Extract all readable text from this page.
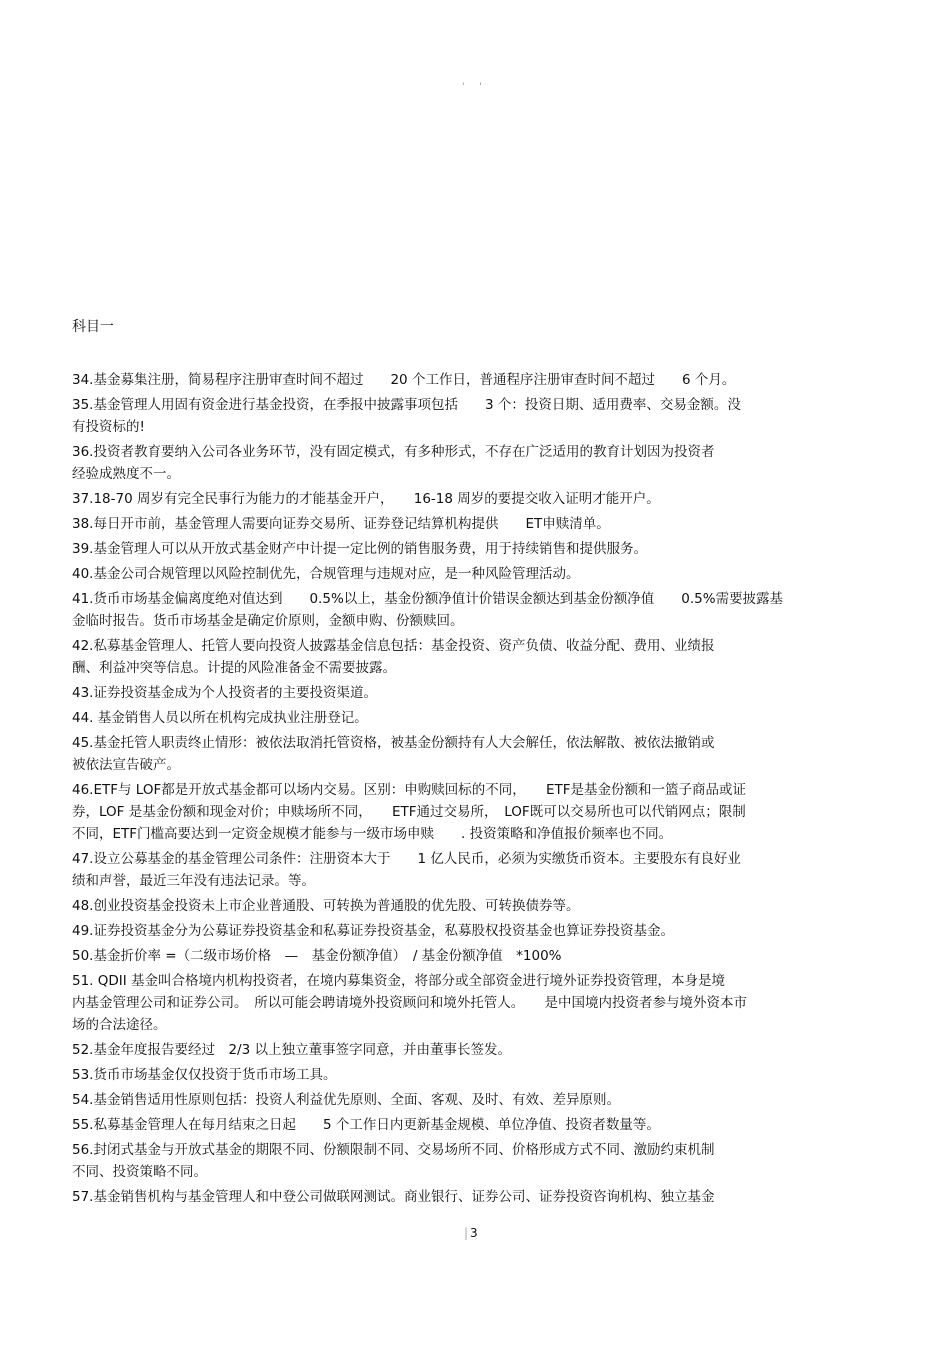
' '
科目一
34.基金募集注册，简易程序注册审查时间不超过　　20 个工作日，普通程序注册审查时间不超过　　6 个月。
35.基金管理人用固有资金进行基金投资，在季报中披露事项包括　　3 个：投资日期、适用费率、交易金额。没
有投资标的!
36.投资者教育要纳入公司各业务环节，没有固定模式，有多种形式，不存在广泛适用的教育计划因为投资者
经验成熟度不一。
37.18-70 周岁有完全民事行为能力的才能基金开户，　　16-18 周岁的要提交收入证明才能开户。
38.每日开市前，基金管理人需要向证券交易所、证券登记结算机构提供　　ET申赎清单。
39.基金管理人可以从开放式基金财产中计提一定比例的销售服务费，用于持续销售和提供服务。
40.基金公司合规管理以风险控制优先，合规管理与违规对应，是一种风险管理活动。
41.货币市场基金偏离度绝对值达到　　0.5%以上，基金份额净值计价错误金额达到基金份额净值　　0.5%需要披露基
金临时报告。货币市场基金是确定价原则，金额申购、份额赎回。
42.私募基金管理人、托管人要向投资人披露基金信息包括：基金投资、资产负债、收益分配、费用、业绩报
酬、利益冲突等信息。计提的风险准备金不需要披露。
43.证券投资基金成为个人投资者的主要投资渠道。
44. 基金销售人员以所在机构完成执业注册登记。
45.基金托管人职责终止情形：被依法取消托管资格，被基金份额持有人大会解任，依法解散、被依法撤销或
被依法宣告破产。
46.ETF与 LOF都是开放式基金都可以场内交易。区别：申购赎回标的不同，　　ETF是基金份额和一篮子商品或证
券，LOF 是基金份额和现金对价；申赎场所不同，　　ETF通过交易所，　LOF既可以交易所也可以代销网点；限制
不同，ETF门槛高要达到一定资金规模才能参与一级市场申赎　　. 投资策略和净值报价频率也不同。
47.设立公募基金的基金管理公司条件：注册资本大于　　1 亿人民币，必须为实缴货币资本。主要股东有良好业
绩和声誉，最近三年没有违法记录。等。
48.创业投资基金投资未上市企业普通股、可转换为普通股的优先股、可转换债券等。
49.证券投资基金分为公募证券投资基金和私募证券投资基金，私募股权投资基金也算证券投资基金。
50.基金折价率 =（二级市场价格　—　基金份额净值）　/ 基金份额净值　*100%
51. QDII 基金叫合格境内机构投资者，在境内募集资金，将部分或全部资金进行境外证券投资管理，本身是境
内基金管理公司和证券公司。　所以可能会聘请境外投资顾问和境外托管人。　　是中国境内投资者参与境外资本市
场的合法途径。
52.基金年度报告要经过　2/3 以上独立董事签字同意，并由董事长签发。
53.货币市场基金仅仅投资于货币市场工具。
54.基金销售适用性原则包括：投资人利益优先原则、全面、客观、及时、有效、差异原则。
55.私募基金管理人在每月结束之日起　　5 个工作日内更新基金规模、单位净值、投资者数量等。
56.封闭式基金与开放式基金的期限不同、份额限制不同、交易场所不同、价格形成方式不同、激励约束机制
不同、投资策略不同。
57.基金销售机构与基金管理人和中登公司做联网测试。商业银行、证券公司、证券投资咨询机构、独立基金
| 3
